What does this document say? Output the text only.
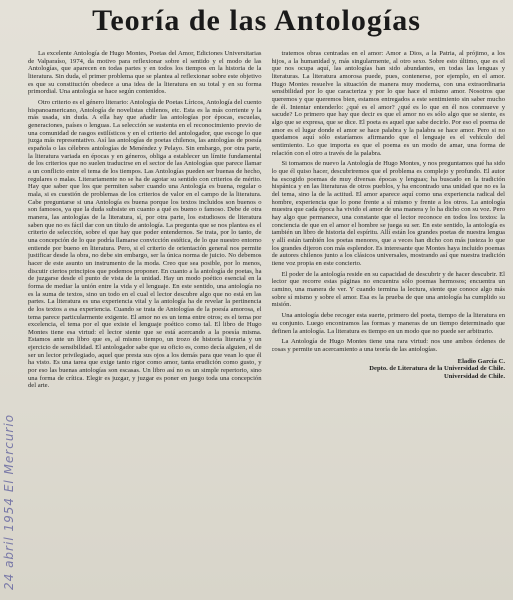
Teoría de las Antologías
24 abril 1954 El Mercurio

La excelente Antología de Hugo Montes, Poetas del Amor, Ediciones Universitarias de Valparaíso, 1974, da motivo para reflexionar sobre el sentido y el modo de las Antologías, que aparecen en todas partes y en todos los tiempos en la historia de la literatura. Sin duda, el primer problema que se plantea al reflexionar sobre este objetivo es que su constitución obedece a una idea de la literatura en su total y en su forma primordial. Una antología se hace según contenidos.

Otro criterio es el género literario: Antología de Poetas Líricos, Antología del cuento hispanoamericano, Antología de novelistas chilenos, etc. Esta es la más corriente y la más usada, sin duda. A ella hay que añadir las antologías por épocas, escuelas, generaciones, países o lenguas. La selección se sustenta en el reconocimiento previo de una comunidad de rasgos estilísticos y en el criterio del antologador, que escoge lo que juzga más representativo. Así las antologías de poetas chilenos, las antologías de poesía española o las célebres antologías de Menéndez y Pelayo. Sin embargo, por otra parte, la literatura variada en épocas y en géneros, obliga a establecer un límite fundamental de los criterios que no suelen traducirse en el sector de las Antologías que parece llamar a un conflicto entre el tema de los tiempos. Las Antologías pueden ser buenas de hecho, regulares o malas. Literariamente no se ha de agotar su sentido con criterios de mérito. Hay que saber que los que permiten saber cuando una Antología es buena, regular o mala, si es cuestión de problemas de los criterios de valor en el campo de la literatura. Cabe preguntarse si una Antología es buena porque los textos incluidos son buenos o son famosos, ya que la duda subsiste en cuanto a qué es bueno o famoso. Debe de otra manera, las antologías de la literatura, sí, por otra parte, los estudiosos de literatura saben que no es fácil dar con un título de antología. La pregunta que se nos plantea es el criterio de selección, sobre el que hay que poder entendernos. Se trata, por lo tanto, de una concepción de lo que podría llamarse convicción estética, de lo que nuestro entorno entiende por bueno en literatura. Pero, si el criterio de orientación general nos permite justificar desde la obra, no debe sin embargo, ser la única norma de juicio. No debemos hacer de este asunto un instrumento de la moda. Creo que sea posible, por lo menos, discutir ciertos principios que podemos proponer. En cuanto a la antología de poetas, ha de juzgarse desde el punto de vista de la unidad. Hay un modo poético esencial en la forma de mediar la unión entre la vida y el lenguaje. En este sentido, una antología no es la suma de textos, sino un todo en el cual el lector descubre algo que no está en las partes. La literatura es una experiencia vital y la antología ha de revelar la pertinencia de los textos a esa experiencia. Cuando se trata de Antologías de la poesía amorosa, el tema parece particularmente exigente. El amor no es un tema entre otros; es el tema por excelencia, el tema por el que existe el lenguaje poético como tal. El libro de Hugo Montes tiene esa virtud: el lector siente que se está acercando a la poesía misma. Estamos ante un libro que es, al mismo tiempo, un trozo de historia literaria y un ejercicio de sensibilidad. El antologador sabe que su oficio es, como decía alguien, el de ser un lector privilegiado, aquel que presta sus ojos a los demás para que vean lo que él ha visto. Es una tarea que exige tanto rigor como amor, tanta erudición como gusto, y por eso las buenas antologías son escasas. Un libro así no es un simple repertorio, sino una forma de crítica. Elegir es juzgar, y juzgar es poner en juego toda una concepción del arte.

tratemos obras centradas en el amor: Amor a Dios, a la Patria, al prójimo, a los hijos, a la humanidad y, más singularmente, al otro sexo. Sobre esto último, que es el que nos ocupa aquí, las antologías han sido abundantes, en todas las lenguas y literaturas. La literatura amorosa puede, pues, contenerse, por ejemplo, en el amor. Hugo Montes resuelve la situación de manera muy moderna, con una extraordinaria sensibilidad por lo que caracteriza y por lo que hace el mismo amor. Nosotros que queremos y que queremos bien, estamos entregados a este sentimiento sin saber mucho de él. Intentar entenderlo: ¿qué es el amor? ¿qué es lo que en él nos conmueve y sacude? Lo primero que hay que decir es que el amor no es sólo algo que se siente, es algo que se expresa, que se dice. El poeta es aquel que sabe decirlo. Por eso el poema de amor es el lugar donde el amor se hace palabra y la palabra se hace amor. Pero si no quedamos aquí sólo estaríamos afirmando que el lenguaje es el vehículo del sentimiento. Lo que importa es que el poema es un modo de amar, una forma de relación con el otro a través de la palabra.

Si tomamos de nuevo la Antología de Hugo Montes, y nos preguntamos qué ha sido lo que él quiso hacer, descubriremos que el problema es complejo y profundo. El autor ha escogido poemas de muy diversas épocas y lenguas; ha buscado en la tradición hispánica y en las literaturas de otros pueblos, y ha encontrado una unidad que no es la del tema, sino la de la actitud. El amor aparece aquí como una experiencia radical del hombre, experiencia que lo pone frente a sí mismo y frente a los otros. La antología muestra que cada época ha vivido el amor de una manera y lo ha dicho con su voz. Pero hay algo que permanece, una constante que el lector reconoce en todos los textos: la conciencia de que en el amor el hombre se juega su ser. En este sentido, la antología es también un libro de historia del espíritu. Allí están los grandes poetas de nuestra lengua y allí están también los poetas menores, que a veces han dicho con más justeza lo que los grandes dijeron con más esplendor. Es interesante que Montes haya incluido poemas de autores chilenos junto a los clásicos universales, mostrando así que nuestra tradición tiene voz propia en este concierto.

El poder de la antología reside en su capacidad de descubrir y de hacer descubrir. El lector que recorre estas páginas no encuentra sólo poemas hermosos; encuentra un camino, una manera de ver. Y cuando termina la lectura, siente que conoce algo más sobre sí mismo y sobre el amor. Esa es la prueba de que una antología ha cumplido su misión.

Una antología debe recoger esta suerte, primero del poeta, tiempo de la literatura en su conjunto. Luego encontramos las formas y maneras de un tiempo determinado que definen la antología. La literatura es tiempo en un modo que no puede ser arbitrario.

La Antología de Hugo Montes tiene una rara virtud: nos une ambos órdenes de cosas y permite un acercamiento a una teoría de las antologías.

Eladio García C.
Depto. de Literatura de la Universidad de Chile.
Universidad de Chile.
